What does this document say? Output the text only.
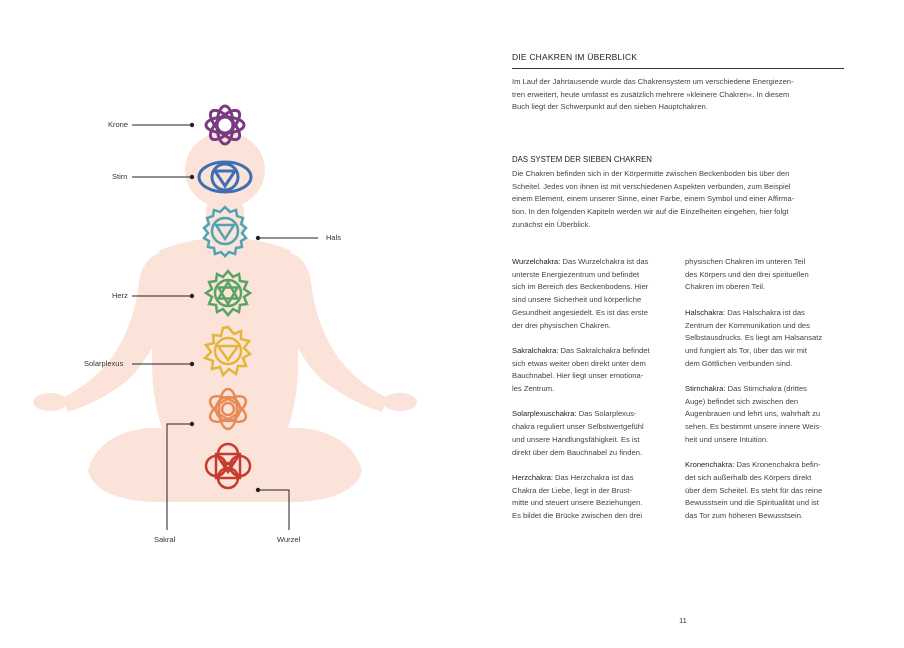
Krone
Stirn
Hals
Herz
Solarplexus
Sakral	Wurzel
DIE CHAKREN IM ÜBERBLICK
Im Lauf der Jahrtausende wurde das Chakrensystem um verschiedene Energiezen-
tren erweitert, heute umfasst es zusätzlich mehrere »kleinere Chakren«. In diesem
Buch liegt der Schwerpunkt auf den sieben Hauptchakren.
DAS SYSTEM DER SIEBEN CHAKREN
Die Chakren befinden sich in der Körpermitte zwischen Beckenboden bis über den
Scheitel. Jedes von ihnen ist mit verschiedenen Aspekten verbunden, zum Beispiel
einem Element, einem unserer Sinne, einer Farbe, einem Symbol und einer Affirma-
tion. In den folgenden Kapiteln werden wir auf die Einzelheiten eingehen, hier folgt
zunächst ein Überblick.

Wurzelchakra: Das Wurzelchakra ist das
unterste Energiezentrum und befindet
sich im Bereich des Beckenbodens. Hier
sind unsere Sicherheit und körperliche
Gesundheit angesiedelt. Es ist das erste
der drei physischen Chakren.

Sakralchakra: Das Sakralchakra befindet
sich etwas weiter oben direkt unter dem
Bauchnabel. Hier liegt unser emotiona-
les Zentrum.

Solarplexuschakra: Das Solarplexus-
chakra reguliert unser Selbstwertgefühl
und unsere Handlungsfähigkeit. Es ist
direkt über dem Bauchnabel zu finden.

Herzchakra: Das Herzchakra ist das
Chakra der Liebe, liegt in der Brust-
mitte und steuert unsere Beziehungen.
Es bildet die Brücke zwischen den drei

physischen Chakren im unteren Teil
des Körpers und den drei spirituellen
Chakren im oberen Teil.

Halschakra: Das Halschakra ist das
Zentrum der Kommunikation und des
Selbstausdrucks. Es liegt am Halsansatz
und fungiert als Tor, über das wir mit
dem Göttlichen verbunden sind.

Stirnchakra: Das Stirnchakra (drittes
Auge) befindet sich zwischen den
Augenbrauen und lehrt uns, wahrhaft zu
sehen. Es bestimmt unsere innere Weis-
heit und unsere Intuition.

Kronenchakra: Das Kronenchakra befin-
det sich außerhalb des Körpers direkt
über dem Scheitel. Es steht für das reine
Bewusstsein und die Spiritualität und ist
das Tor zum höheren Bewusstsein.

11
